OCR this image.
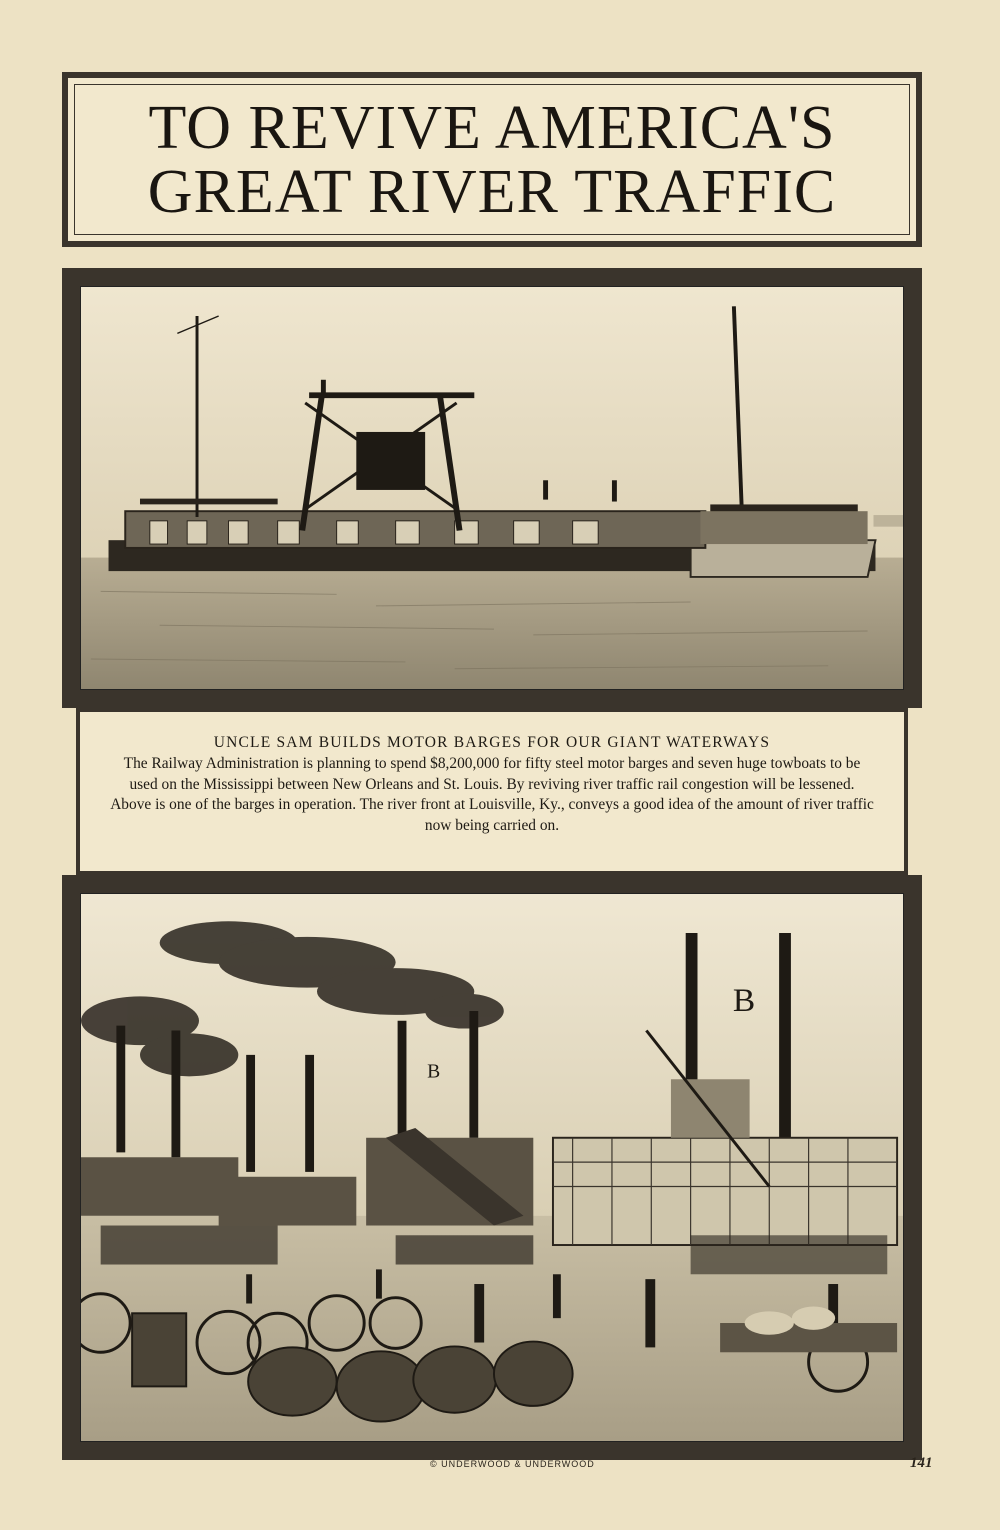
TO REVIVE AMERICA'S
GREAT RIVER TRAFFIC

UNCLE SAM BUILDS MOTOR BARGES FOR OUR GIANT WATERWAYS

The Railway Administration is planning to spend $8,200,000 for fifty steel motor barges and seven huge towboats to be used on the Mississippi between New Orleans and St. Louis. By reviving river traffic rail congestion will be lessened. Above is one of the barges in operation. The river front at Louisville, Ky., conveys a good idea of the amount of river traffic now being carried on.

B
B
© UNDERWOOD & UNDERWOOD	141
